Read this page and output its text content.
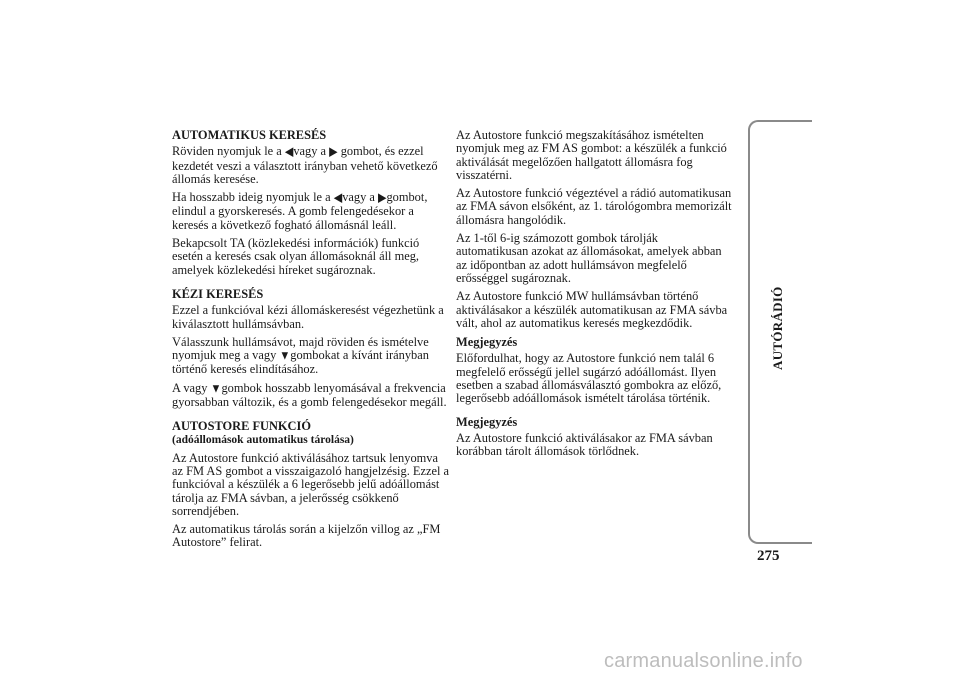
AUTOMATIKUS KERESÉS

Röviden nyomjuk le a ◀vagy a ▶ gombot, és ezzel kezdetét veszi a választott irányban vehető következő állomás keresése.

Ha hosszabb ideig nyomjuk le a ◀vagy a ▶gombot, elindul a gyorskeresés. A gomb felengedésekor a keresés a következő fogható állomásnál leáll.

Bekapcsolt TA (közlekedési információk) funkció esetén a keresés csak olyan állomásoknál áll meg, amelyek közlekedési híreket sugároznak.

KÉZI KERESÉS

Ezzel a funkcióval kézi állomáskeresést végezhetünk a kiválasztott hullámsávban.

Válasszunk hullámsávot, majd röviden és ismételve nyomjuk meg a vagy ▼gombokat a kívánt irányban történő keresés elindításához.

A vagy ▼gombok hosszabb lenyomásával a frekvencia gyorsabban változik, és a gomb felengedésekor megáll.

AUTOSTORE FUNKCIÓ
(adóállomások automatikus tárolása)

Az Autostore funkció aktiválásához tartsuk lenyomva az FM AS gombot a visszaigazoló hangjelzésig. Ezzel a funkcióval a készülék a 6 legerősebb jelű adóállomást tárolja az FMA sávban, a jelerősség csökkenő sorrendjében.

Az automatikus tárolás során a kijelzőn villog az „FM Autostore” felirat.

Az Autostore funkció megszakításához ismételten nyomjuk meg az FM AS gombot: a készülék a funkció aktiválását megelőzően hallgatott állomásra fog visszatérni.

Az Autostore funkció végeztével a rádió automatikusan az FMA sávon elsőként, az 1. tárológombra memorizált állomásra hangolódik.

Az 1-től 6-ig számozott gombok tárolják automatikusan azokat az állomásokat, amelyek abban az időpontban az adott hullámsávon megfelelő erősséggel sugároznak.

Az Autostore funkció MW hullámsávban történő aktiválásakor a készülék automatikusan az FMA sávba vált, ahol az automatikus keresés megkezdődik.

Megjegyzés

Előfordulhat, hogy az Autostore funkció nem talál 6 megfelelő erősségű jellel sugárzó adóállomást. Ilyen esetben a szabad állomásválasztó gombokra az előző, legerősebb adóállomások ismételt tárolása történik.

Megjegyzés

Az Autostore funkció aktiválásakor az FMA sávban korábban tárolt állomások törlődnek.

AUTÓRÁDIÓ
275
carmanualsonline.info
